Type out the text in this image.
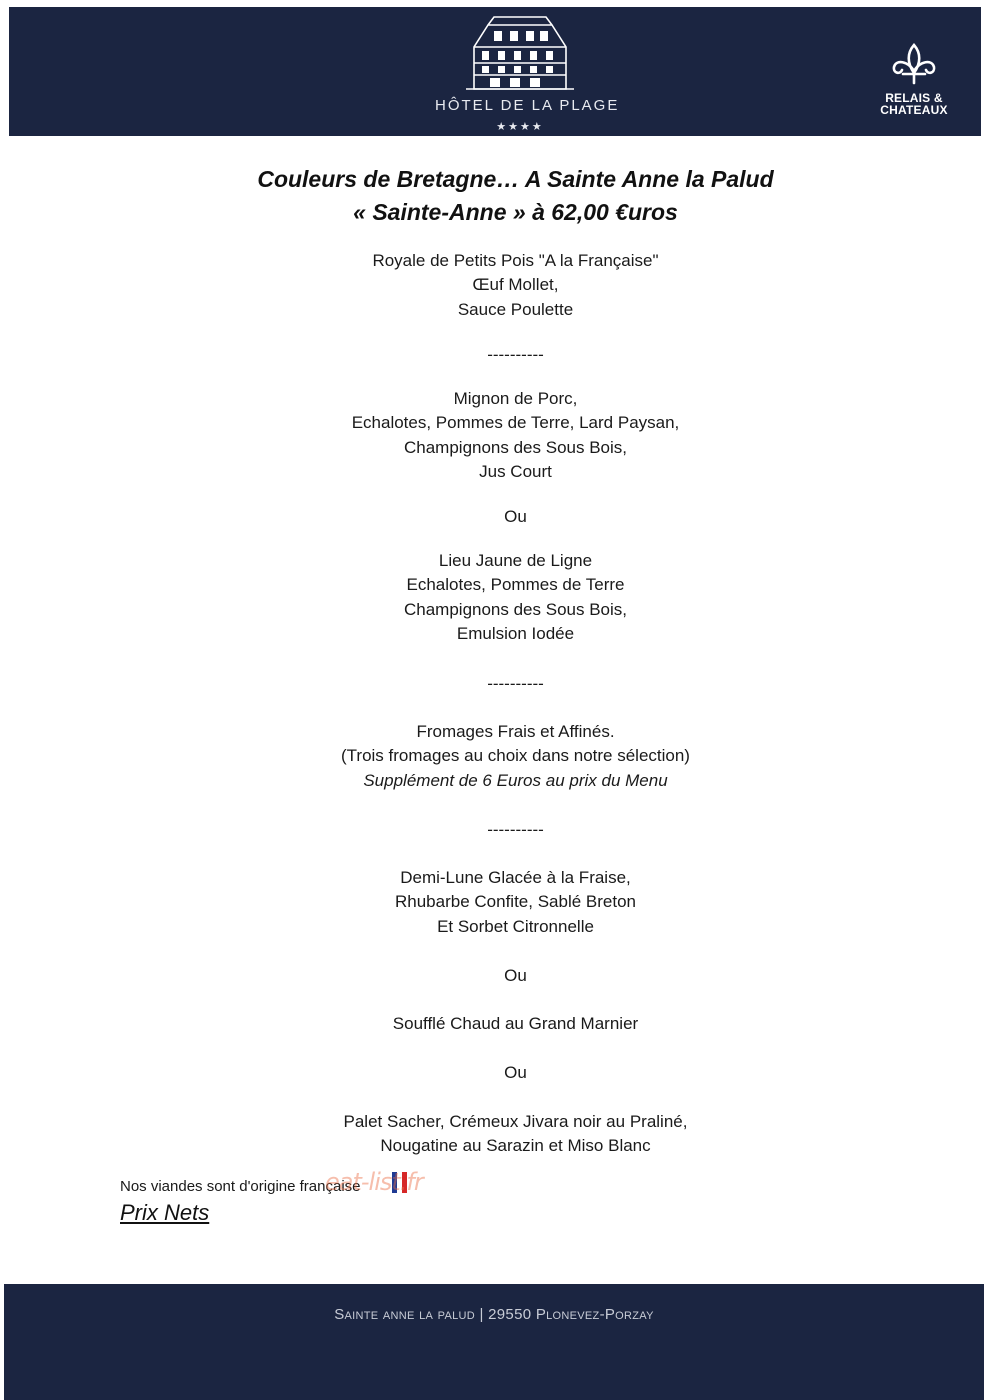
HÔTEL DE LA PLAGE
★★★★
RELAIS &
CHATEAUX
Couleurs de Bretagne… A Sainte Anne la Palud
« Sainte-Anne » à 62,00 €uros
Royale de Petits Pois "A la Française"
Œuf Mollet,
Sauce Poulette
----------
Mignon de Porc,
Echalotes, Pommes de Terre, Lard Paysan,
Champignons des Sous Bois,
Jus Court
Ou
Lieu Jaune de Ligne
Echalotes, Pommes de Terre
Champignons des Sous Bois,
Emulsion Iodée
----------
Fromages Frais et Affinés.
(Trois fromages au choix dans notre sélection)
Supplément de 6 Euros au prix du Menu
----------
Demi-Lune Glacée à la Fraise,
Rhubarbe Confite, Sablé Breton
Et Sorbet Citronnelle
Ou
Soufflé Chaud au Grand Marnier
Ou
Palet Sacher, Crémeux Jivara noir au Praliné,
Nougatine au Sarazin et Miso Blanc
Nos viandes sont d'origine française
eat-list.fr
Prix Nets
Sainte anne la palud | 29550 Plonevez-Porzay
